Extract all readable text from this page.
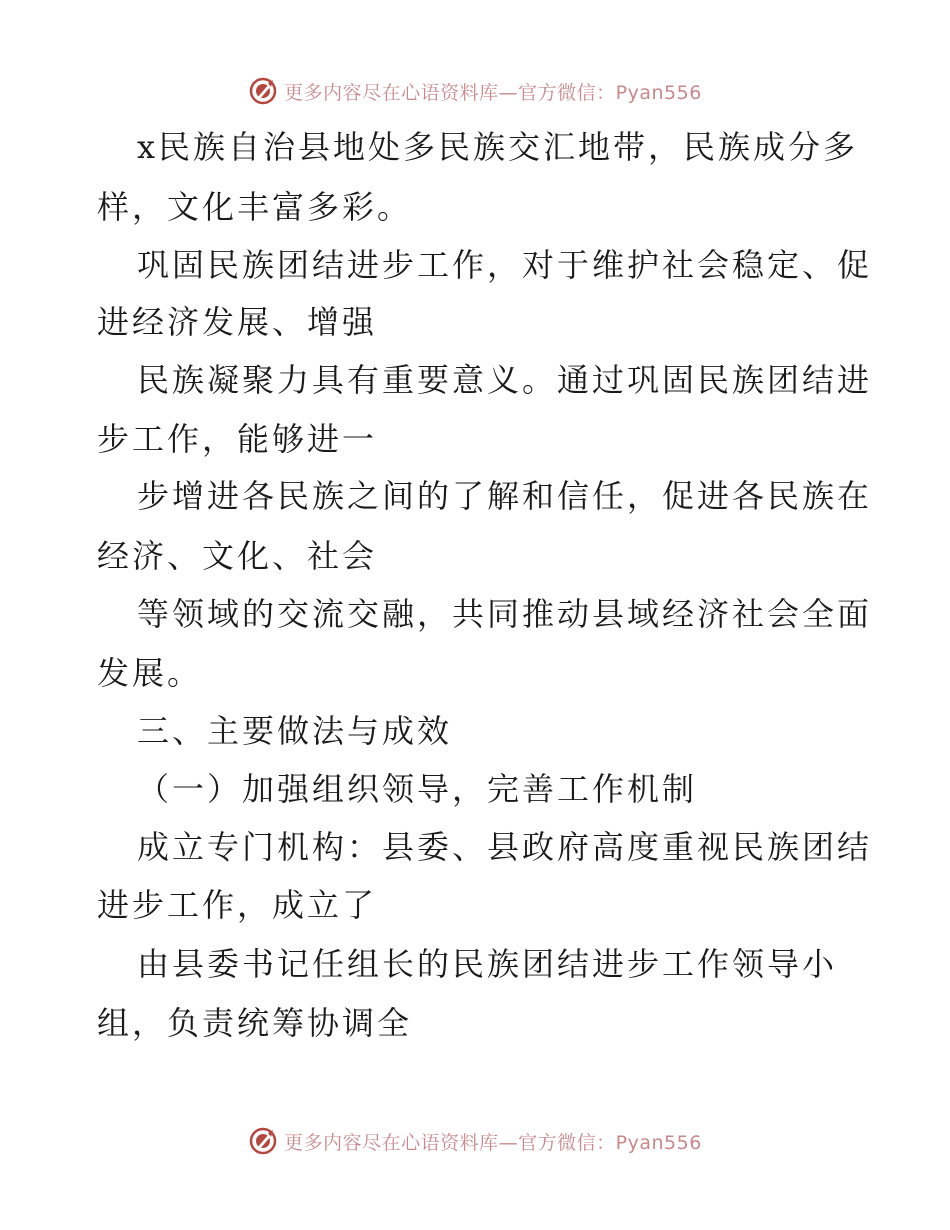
更多内容尽在心语资料库—官方微信：Pyan556
x民族自治县地处多民族交汇地带，民族成分多
样，文化丰富多彩。
巩固民族团结进步工作，对于维护社会稳定、促
进经济发展、增强
民族凝聚力具有重要意义。通过巩固民族团结进
步工作，能够进一
步增进各民族之间的了解和信任，促进各民族在
经济、文化、社会
等领域的交流交融，共同推动县域经济社会全面
发展。
三、主要做法与成效
（一）加强组织领导，完善工作机制
成立专门机构：县委、县政府高度重视民族团结
进步工作，成立了
由县委书记任组长的民族团结进步工作领导小
组，负责统筹协调全
更多内容尽在心语资料库—官方微信：Pyan556
